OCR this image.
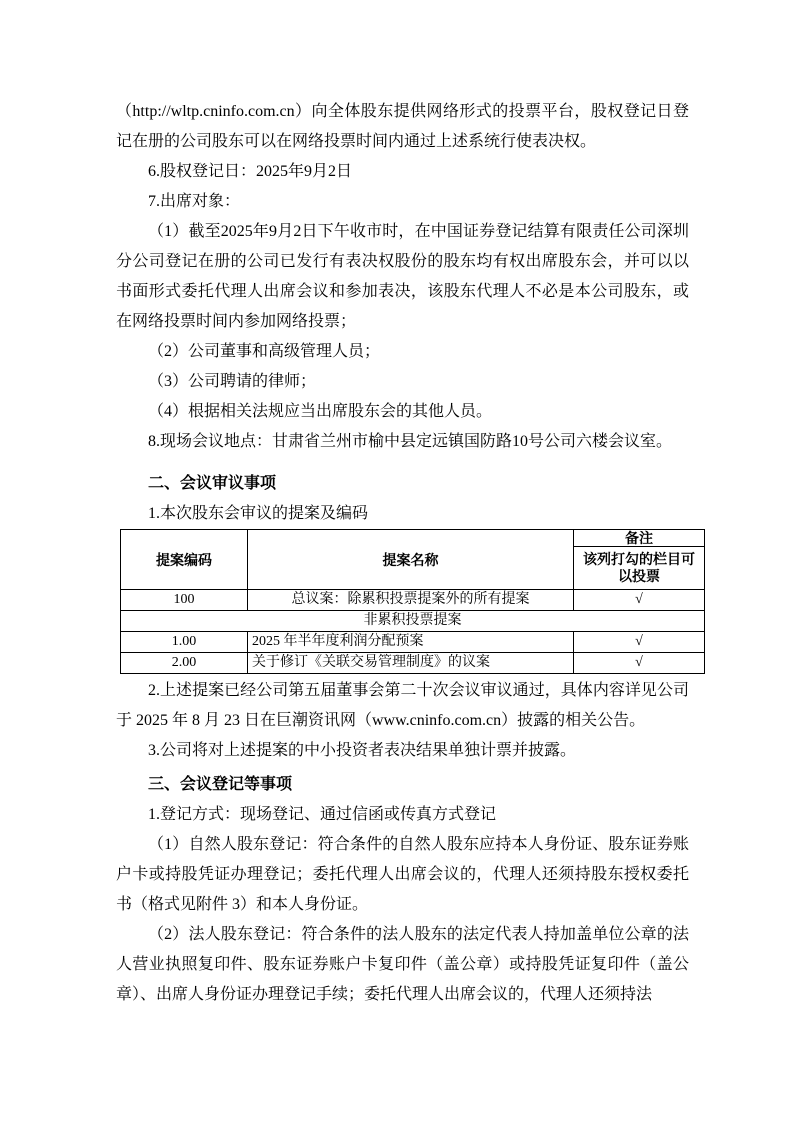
（http://wltp.cninfo.com.cn）向全体股东提供网络形式的投票平台，股权登记日登记在册的公司股东可以在网络投票时间内通过上述系统行使表决权。

6.股权登记日：2025年9月2日

7.出席对象：

（1）截至2025年9月2日下午收市时，在中国证券登记结算有限责任公司深圳分公司登记在册的公司已发行有表决权股份的股东均有权出席股东会，并可以以书面形式委托代理人出席会议和参加表决，该股东代理人不必是本公司股东，或在网络投票时间内参加网络投票；

（2）公司董事和高级管理人员；

（3）公司聘请的律师；

（4）根据相关法规应当出席股东会的其他人员。

8.现场会议地点：甘肃省兰州市榆中县定远镇国防路10号公司六楼会议室。

二、会议审议事项

1.本次股东会审议的提案及编码

提案编码	提案名称	备注
		该列打勾的栏目可以投票
100	总议案：除累积投票提案外的所有提案	√
非累积投票提案		
1.00	2025 年半年度利润分配预案	√
2.00	关于修订《关联交易管理制度》的议案	√

2.上述提案已经公司第五届董事会第二十次会议审议通过，具体内容详见公司于 2025 年 8 月 23 日在巨潮资讯网（www.cninfo.com.cn）披露的相关公告。

3.公司将对上述提案的中小投资者表决结果单独计票并披露。

三、会议登记等事项

1.登记方式：现场登记、通过信函或传真方式登记

（1）自然人股东登记：符合条件的自然人股东应持本人身份证、股东证券账户卡或持股凭证办理登记；委托代理人出席会议的，代理人还须持股东授权委托书（格式见附件 3）和本人身份证。

（2）法人股东登记：符合条件的法人股东的法定代表人持加盖单位公章的法人营业执照复印件、股东证券账户卡复印件（盖公章）或持股凭证复印件（盖公章）、出席人身份证办理登记手续；委托代理人出席会议的，代理人还须持法
